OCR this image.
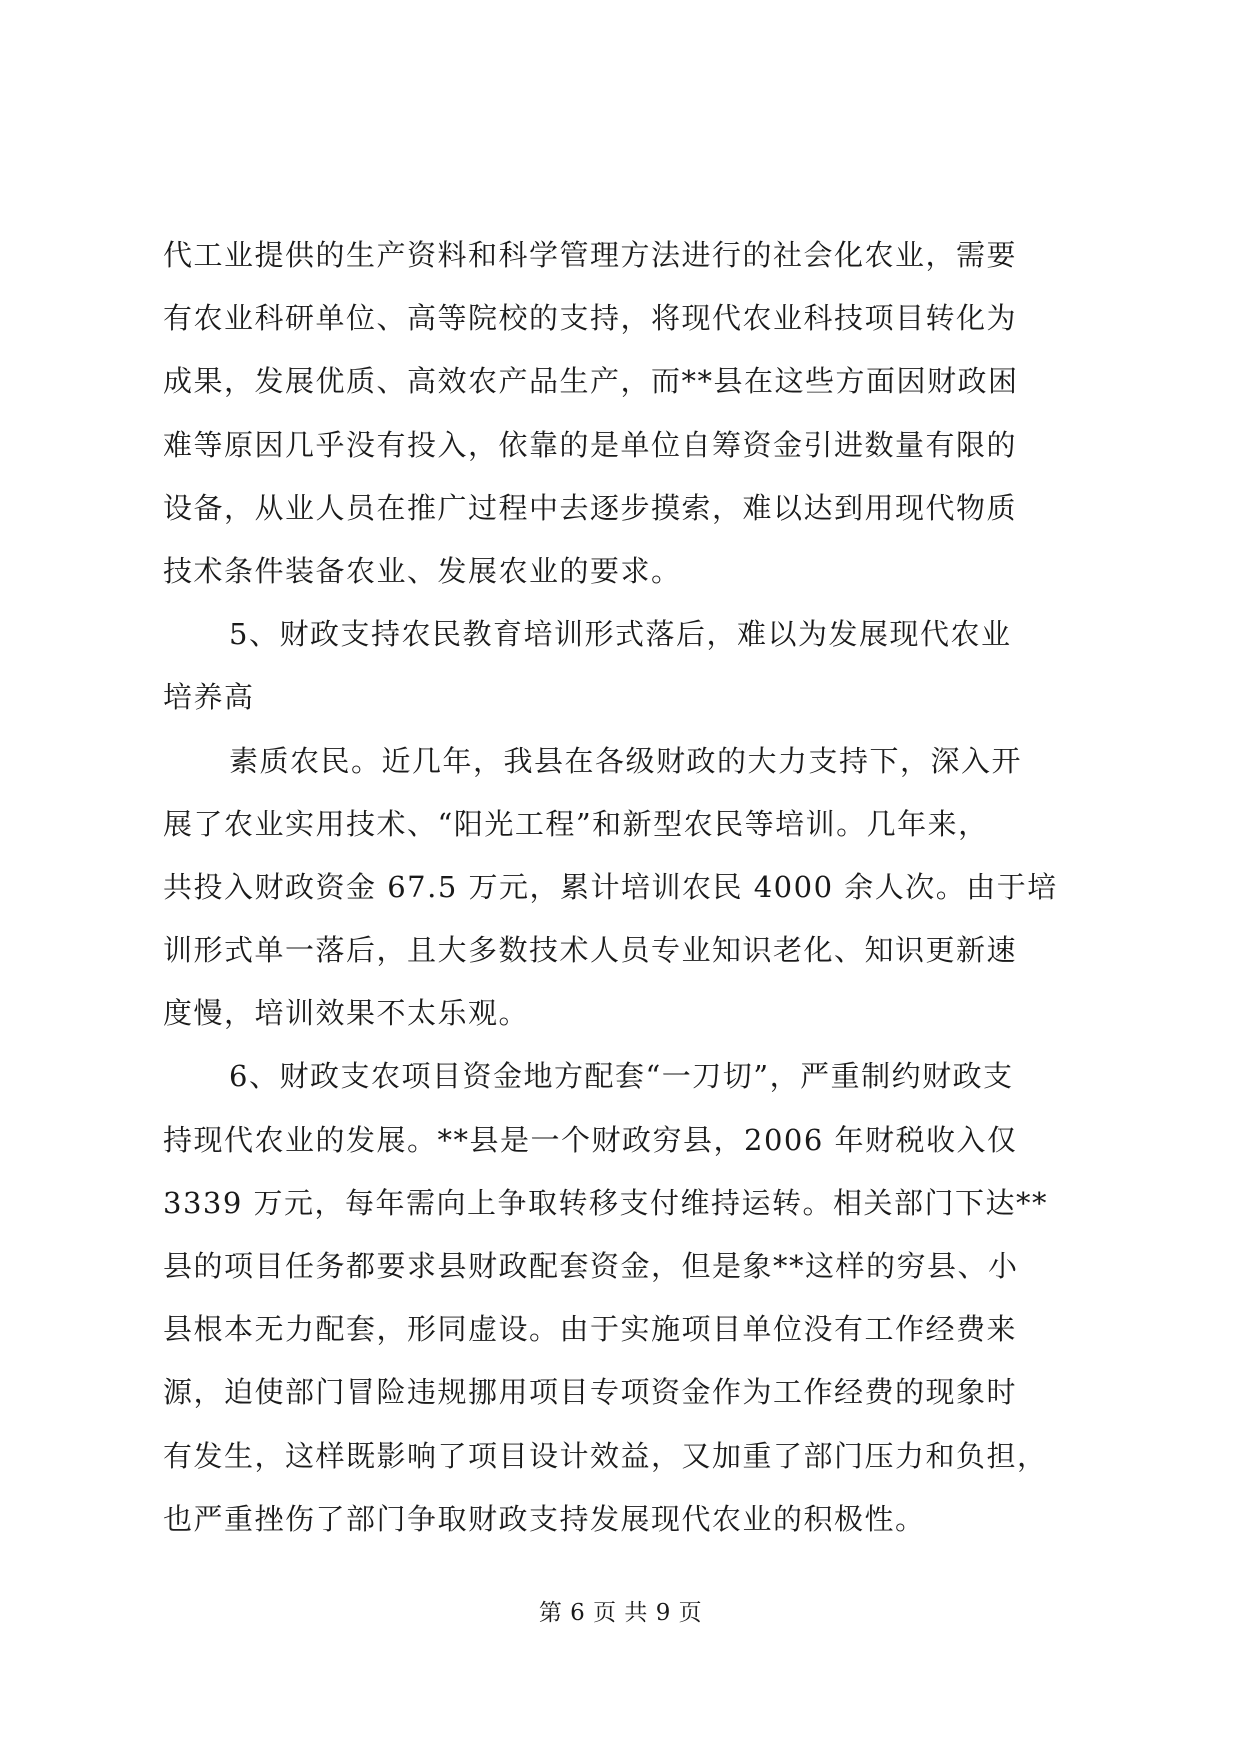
代工业提供的生产资料和科学管理方法进行的社会化农业，需要
有农业科研单位、高等院校的支持，将现代农业科技项目转化为
成果，发展优质、高效农产品生产，而**县在这些方面因财政困
难等原因几乎没有投入，依靠的是单位自筹资金引进数量有限的
设备，从业人员在推广过程中去逐步摸索，难以达到用现代物质
技术条件装备农业、发展农业的要求。
5、财政支持农民教育培训形式落后，难以为发展现代农业
培养高
素质农民。近几年，我县在各级财政的大力支持下，深入开
展了农业实用技术、“阳光工程”和新型农民等培训。几年来，
共投入财政资金 67.5 万元，累计培训农民 4000 余人次。由于培
训形式单一落后，且大多数技术人员专业知识老化、知识更新速
度慢，培训效果不太乐观。
6、财政支农项目资金地方配套“一刀切”，严重制约财政支
持现代农业的发展。**县是一个财政穷县，2006 年财税收入仅
3339 万元，每年需向上争取转移支付维持运转。相关部门下达**
县的项目任务都要求县财政配套资金，但是象**这样的穷县、小
县根本无力配套，形同虚设。由于实施项目单位没有工作经费来
源，迫使部门冒险违规挪用项目专项资金作为工作经费的现象时
有发生，这样既影响了项目设计效益，又加重了部门压力和负担，
也严重挫伤了部门争取财政支持发展现代农业的积极性。
第 6 页 共 9 页
